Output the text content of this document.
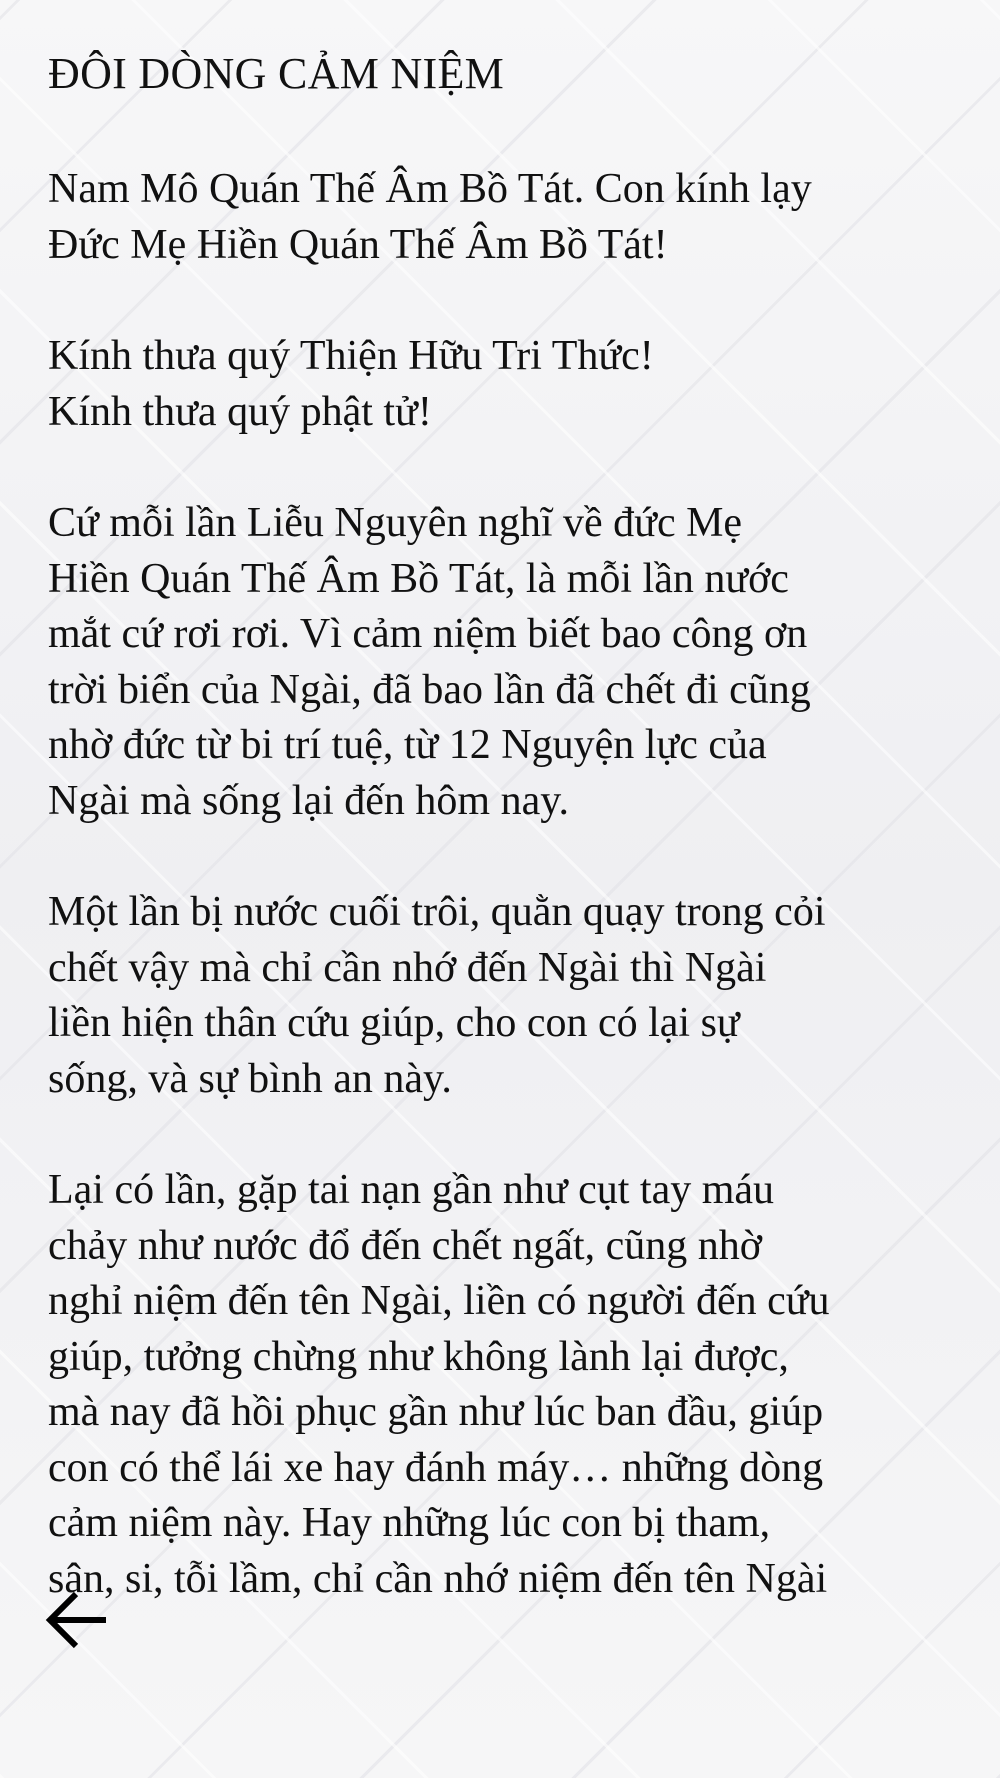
ĐÔI DÒNG CẢM NIỆM

Nam Mô Quán Thế Âm Bồ Tát. Con kính lạy
Đức Mẹ Hiền Quán Thế Âm Bồ Tát!

Kính thưa quý Thiện Hữu Tri Thức!
Kính thưa quý phật tử!

Cứ mỗi lần Liễu Nguyên nghĩ về đức Mẹ
Hiền Quán Thế Âm Bồ Tát, là mỗi lần nước
mắt cứ rơi rơi. Vì cảm niệm biết bao công ơn
trời biển của Ngài, đã bao lần đã chết đi cũng
nhờ đức từ bi trí tuệ, từ 12 Nguyện lực của
Ngài mà sống lại đến hôm nay.

Một lần bị nước cuối trôi, quằn quạy trong cỏi
chết vậy mà chỉ cần nhớ đến Ngài thì Ngài
liền hiện thân cứu giúp, cho con có lại sự
sống, và sự bình an này.

Lại có lần, gặp tai nạn gần như cụt tay máu
chảy như nước đổ đến chết ngất, cũng nhờ
nghỉ niệm đến tên Ngài, liền có người đến cứu
giúp, tưởng chừng như không lành lại được,
mà nay đã hồi phục gần như lúc ban đầu, giúp
con có thể lái xe hay đánh máy… những dòng
cảm niệm này. Hay những lúc con bị tham,
sân, si, tỗi lầm, chỉ cần nhớ niệm đến tên Ngài
